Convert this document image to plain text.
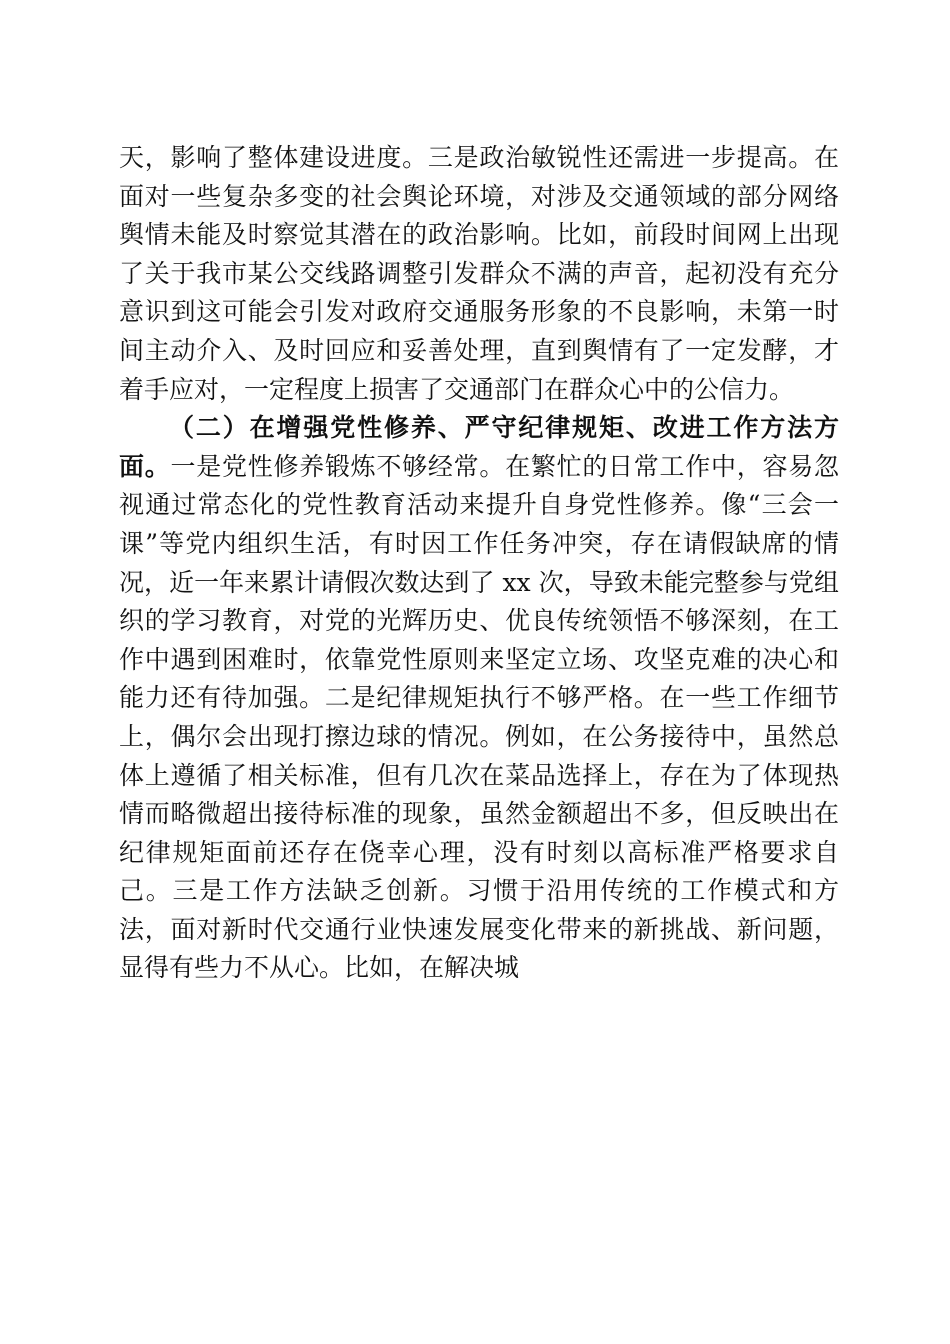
天，影响了整体建设进度。三是政治敏锐性还需进一步提高。在面对一些复杂多变的社会舆论环境，对涉及交通领域的部分网络舆情未能及时察觉其潜在的政治影响。比如，前段时间网上出现了关于我市某公交线路调整引发群众不满的声音，起初没有充分意识到这可能会引发对政府交通服务形象的不良影响，未第一时间主动介入、及时回应和妥善处理，直到舆情有了一定发酵，才着手应对，一定程度上损害了交通部门在群众心中的公信力。

（二）在增强党性修养、严守纪律规矩、改进工作方法方面。一是党性修养锻炼不够经常。在繁忙的日常工作中，容易忽视通过常态化的党性教育活动来提升自身党性修养。像“三会一课”等党内组织生活，有时因工作任务冲突，存在请假缺席的情况，近一年来累计请假次数达到了 xx 次，导致未能完整参与党组织的学习教育，对党的光辉历史、优良传统领悟不够深刻，在工作中遇到困难时，依靠党性原则来坚定立场、攻坚克难的决心和能力还有待加强。二是纪律规矩执行不够严格。在一些工作细节上，偶尔会出现打擦边球的情况。例如，在公务接待中，虽然总体上遵循了相关标准，但有几次在菜品选择上，存在为了体现热情而略微超出接待标准的现象，虽然金额超出不多，但反映出在纪律规矩面前还存在侥幸心理，没有时刻以高标准严格要求自己。三是工作方法缺乏创新。习惯于沿用传统的工作模式和方法，面对新时代交通行业快速发展变化带来的新挑战、新问题，显得有些力不从心。比如，在解决城
